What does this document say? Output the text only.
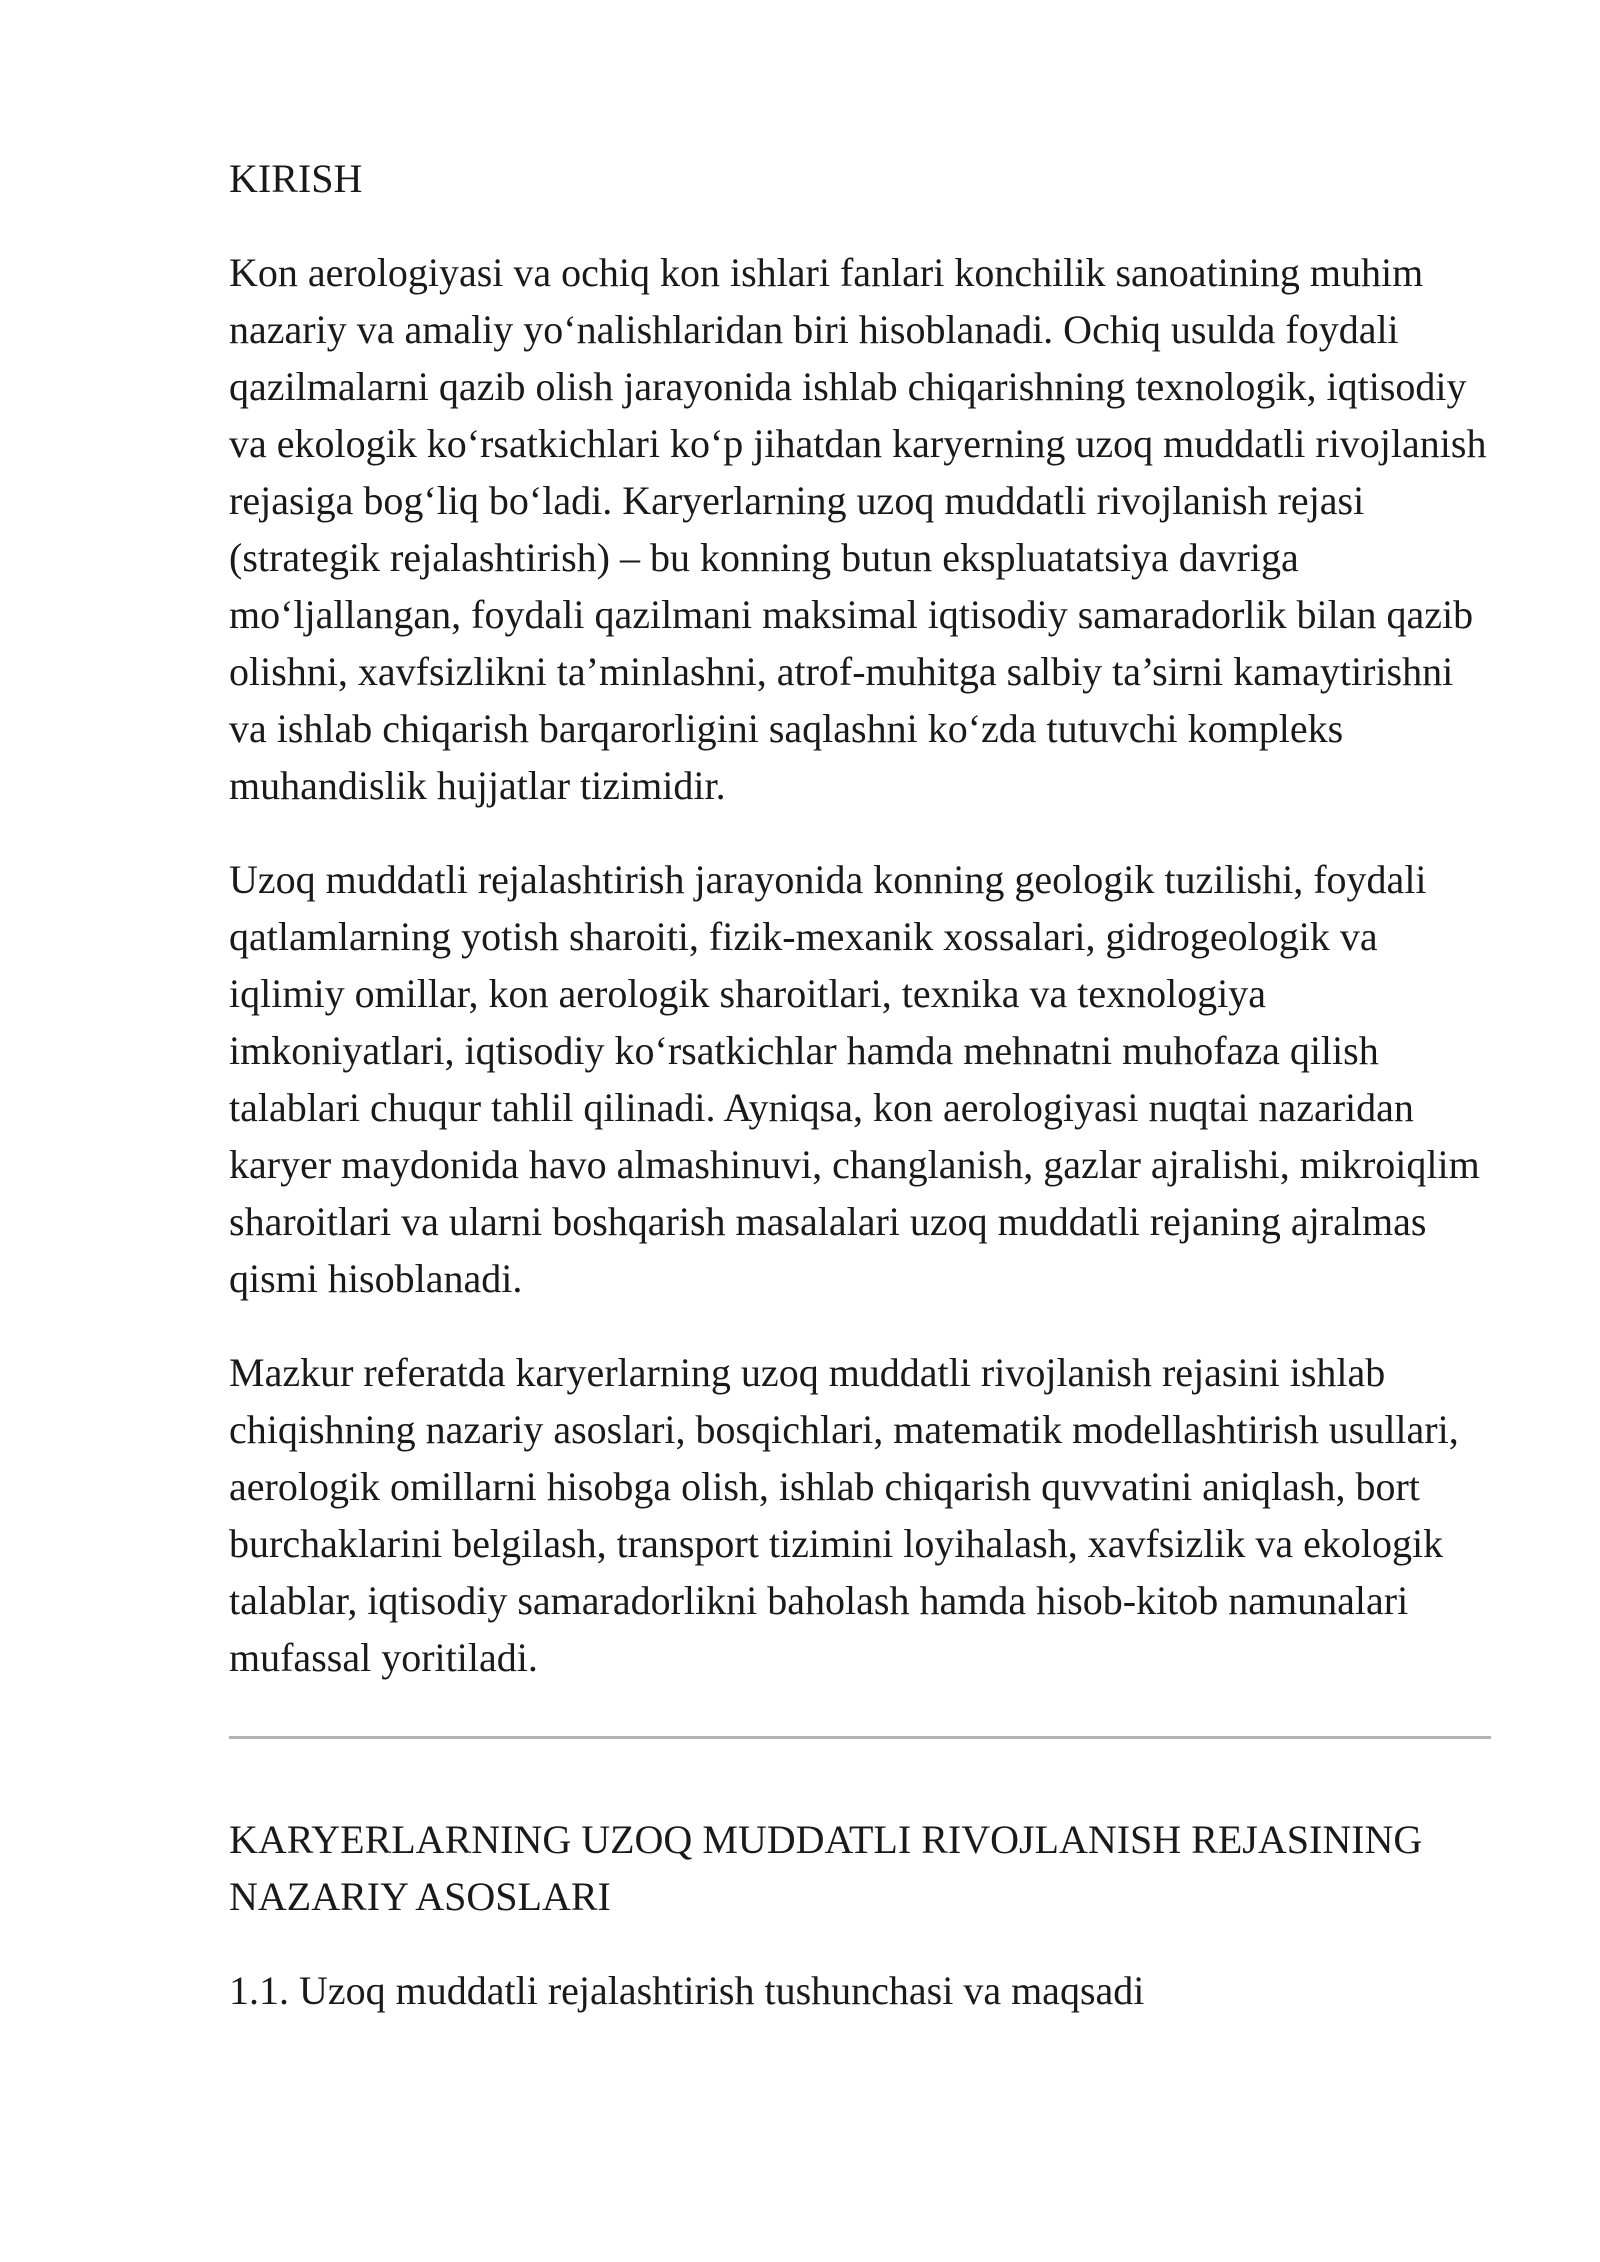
KIRISH

Kon aerologiyasi va ochiq kon ishlari fanlari konchilik sanoatining muhim nazariy va amaliy yo‘nalishlaridan biri hisoblanadi. Ochiq usulda foydali qazilmalarni qazib olish jarayonida ishlab chiqarishning texnologik, iqtisodiy va ekologik ko‘rsatkichlari ko‘p jihatdan karyerning uzoq muddatli rivojlanish rejasiga bog‘liq bo‘ladi. Karyerlarning uzoq muddatli rivojlanish rejasi (strategik rejalashtirish) – bu konning butun ekspluatatsiya davriga mo‘ljallangan, foydali qazilmani maksimal iqtisodiy samaradorlik bilan qazib olishni, xavfsizlikni ta’minlashni, atrof-muhitga salbiy ta’sirni kamaytirishni va ishlab chiqarish barqarorligini saqlashni ko‘zda tutuvchi kompleks muhandislik hujjatlar tizimidir.

Uzoq muddatli rejalashtirish jarayonida konning geologik tuzilishi, foydali qatlamlarning yotish sharoiti, fizik-mexanik xossalari, gidrogeologik va iqlimiy omillar, kon aerologik sharoitlari, texnika va texnologiya imkoniyatlari, iqtisodiy ko‘rsatkichlar hamda mehnatni muhofaza qilish talablari chuqur tahlil qilinadi. Ayniqsa, kon aerologiyasi nuqtai nazaridan karyer maydonida havo almashinuvi, changlanish, gazlar ajralishi, mikroiqlim sharoitlari va ularni boshqarish masalalari uzoq muddatli rejaning ajralmas qismi hisoblanadi.

Mazkur referatda karyerlarning uzoq muddatli rivojlanish rejasini ishlab chiqishning nazariy asoslari, bosqichlari, matematik modellashtirish usullari, aerologik omillarni hisobga olish, ishlab chiqarish quvvatini aniqlash, bort burchaklarini belgilash, transport tizimini loyihalash, xavfsizlik va ekologik talablar, iqtisodiy samaradorlikni baholash hamda hisob-kitob namunalari mufassal yoritiladi.

KARYERLARNING UZOQ MUDDATLI RIVOJLANISH REJASINING NAZARIY ASOSLARI
1.1. Uzoq muddatli rejalashtirish tushunchasi va maqsadi
